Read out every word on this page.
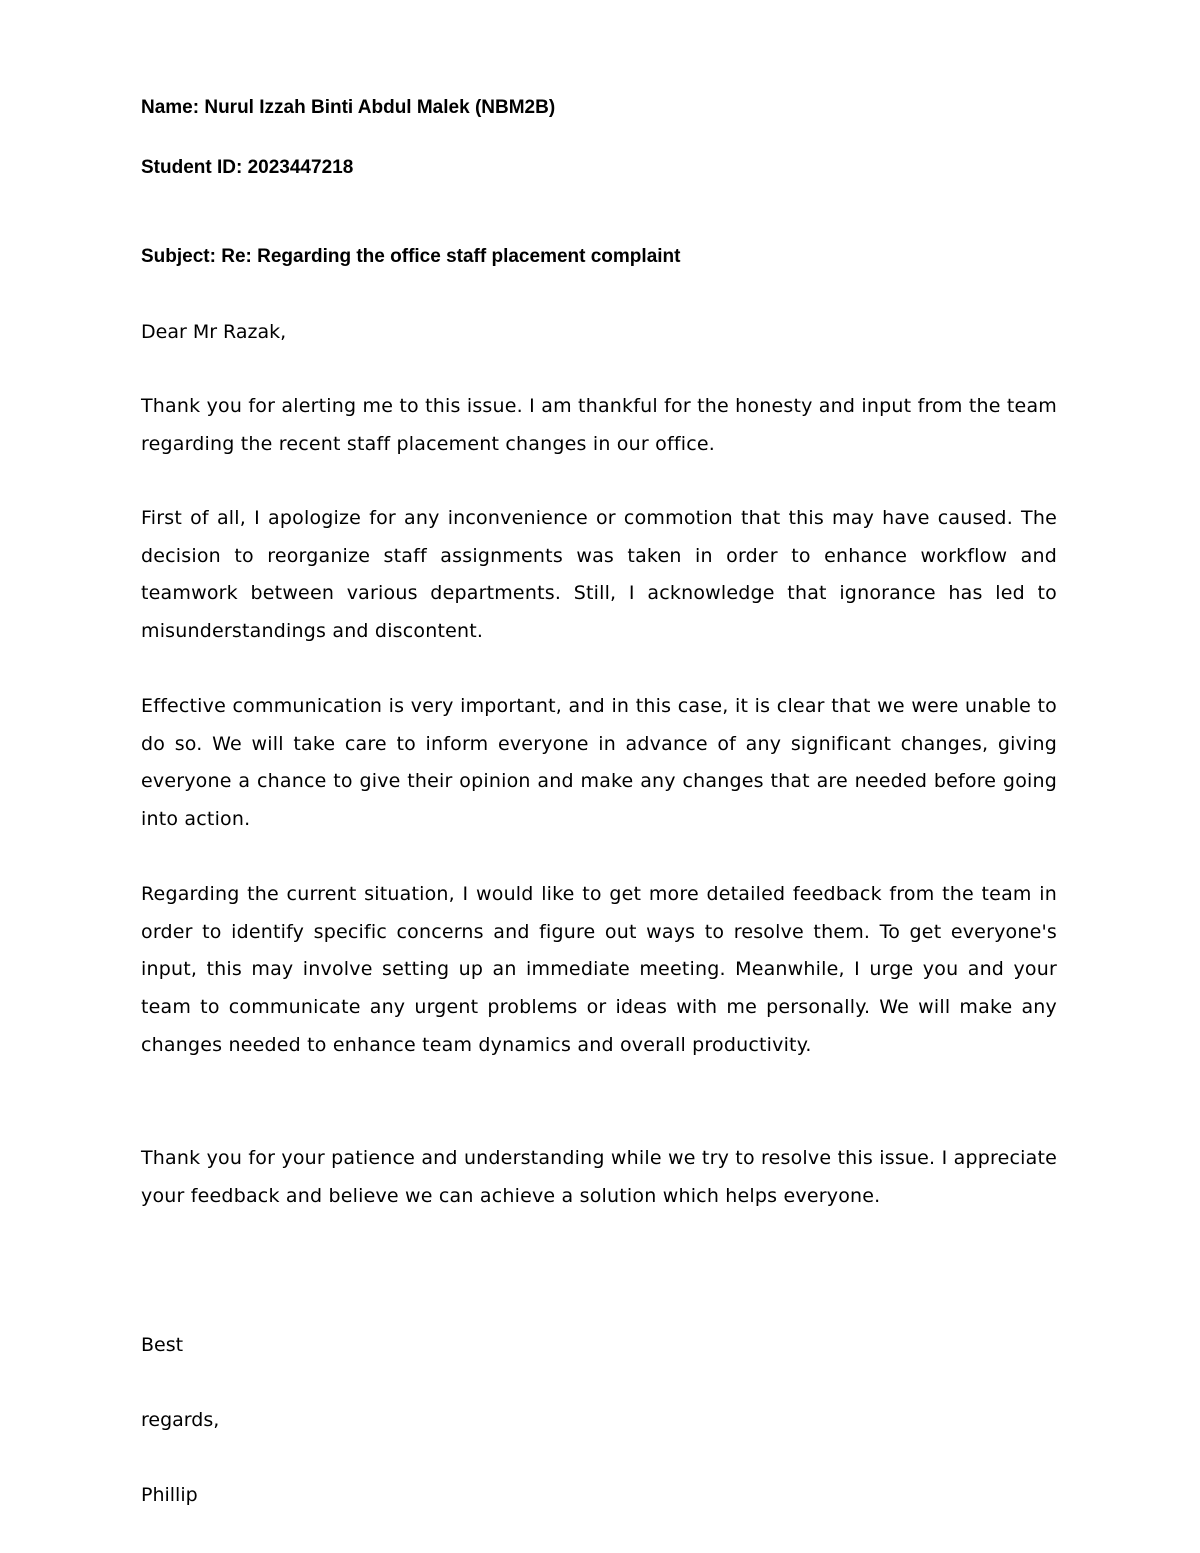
Name: Nurul Izzah Binti Abdul Malek (NBM2B)

Student ID: 2023447218

Subject: Re: Regarding the office staff placement complaint

Dear Mr Razak,

Thank you for alerting me to this issue. I am thankful for the honesty and input from the team regarding the recent staff placement changes in our office.

First of all, I apologize for any inconvenience or commotion that this may have caused. The decision to reorganize staff assignments was taken in order to enhance workflow and teamwork between various departments. Still, I acknowledge that ignorance has led to misunderstandings and discontent.

Effective communication is very important, and in this case, it is clear that we were unable to do so. We will take care to inform everyone in advance of any significant changes, giving everyone a chance to give their opinion and make any changes that are needed before going into action.

Regarding the current situation, I would like to get more detailed feedback from the team in order to identify specific concerns and figure out ways to resolve them. To get everyone's input, this may involve setting up an immediate meeting. Meanwhile, I urge you and your team to communicate any urgent problems or ideas with me personally. We will make any changes needed to enhance team dynamics and overall productivity.

Thank you for your patience and understanding while we try to resolve this issue. I appreciate your feedback and believe we can achieve a solution which helps everyone.

Best

regards,

Phillip
